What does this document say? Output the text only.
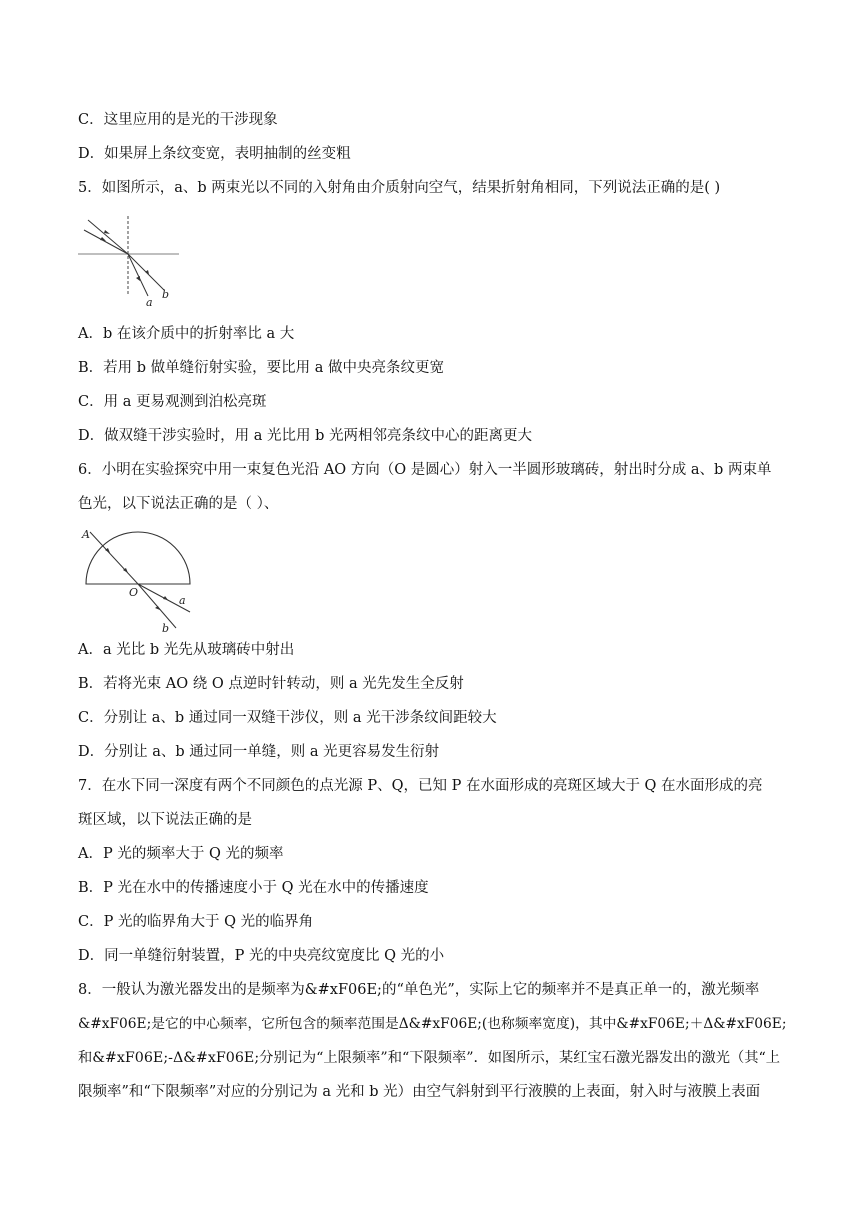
C．这里应用的是光的干涉现象
D．如果屏上条纹变宽，表明抽制的丝变粗
5．如图所示，a、b 两束光以不同的入射角由介质射向空气，结果折射角相同，下列说法正确的是( )
a
b
A．b 在该介质中的折射率比 a 大
B．若用 b 做单缝衍射实验，要比用 a 做中央亮条纹更宽
C．用 a 更易观测到泊松亮斑
D．做双缝干涉实验时，用 a 光比用 b 光两相邻亮条纹中心的距离更大
6．小明在实验探究中用一束复色光沿 AO 方向（O 是圆心）射入一半圆形玻璃砖，射出时分成 a、b 两束单
色光，以下说法正确的是（ ）、
A
O
a
b
A．a 光比 b 光先从玻璃砖中射出
B．若将光束 AO 绕 O 点逆时针转动，则 a 光先发生全反射
C．分别让 a、b 通过同一双缝干涉仪，则 a 光干涉条纹间距较大
D．分别让 a、b 通过同一单缝，则 a 光更容易发生衍射
7．在水下同一深度有两个不同颜色的点光源 P、Q，已知 P 在水面形成的亮斑区域大于 Q 在水面形成的亮
斑区域，以下说法正确的是
A．P 光的频率大于 Q 光的频率
B．P 光在水中的传播速度小于 Q 光在水中的传播速度
C．P 光的临界角大于 Q 光的临界角
D．同一单缝衍射装置，P 光的中央亮纹宽度比 Q 光的小
8．一般认为激光器发出的是频率为&#xF06E;的“单色光”，实际上它的频率并不是真正单一的，激光频率
&#xF06E;是它的中心频率，它所包含的频率范围是Δ&#xF06E;(也称频率宽度)，其中&#xF06E;＋Δ&#xF06E;
和&#xF06E;-Δ&#xF06E;分别记为“上限频率”和“下限频率”．如图所示，某红宝石激光器发出的激光（其“上
限频率”和“下限频率”对应的分别记为 a 光和 b 光）由空气斜射到平行液膜的上表面，射入时与液膜上表面
